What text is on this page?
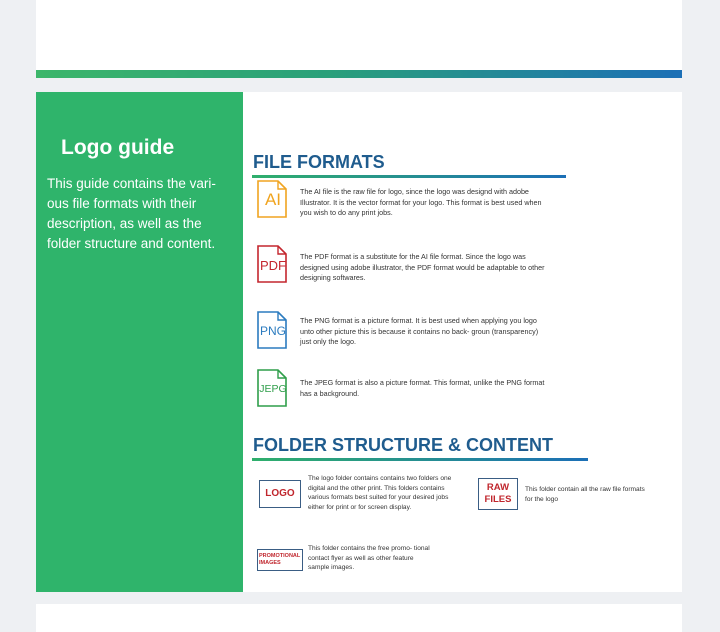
Logo guide
This guide contains the vari- ous file formats with their description, as well as the folder structure and content.
FILE FORMATS
AI	The AI file is the raw file for logo, since the logo was designd with adobe Illustrator. It is the vector format for your logo. This format is best used when you wish to do any print jobs.
PDF
The PDF format is a substitute for the AI file format. Since the logo was designed using adobe illustrator, the PDF format would be adaptable to other designing softwares.
PNG
The PNG format is a picture format. It is best used when applying you logo unto other picture this is because it contains no back- groun (transparency) just only the logo.
JEPG
The JPEG format is also a picture format. This format, unlike the PNG format has a background.
FOLDER STRUCTURE & CONTENT
LOGO
The logo folder contains contains two folders one digital and the other print. This folders contains various formats best suited for your desired jobs either for print or for screen display.
RAW
FILES
This folder contain all the raw file formats for the logo
PROMOTIONAL
IMAGES
This folder contains the free promo- tional contact flyer as well as other feature sample images.
